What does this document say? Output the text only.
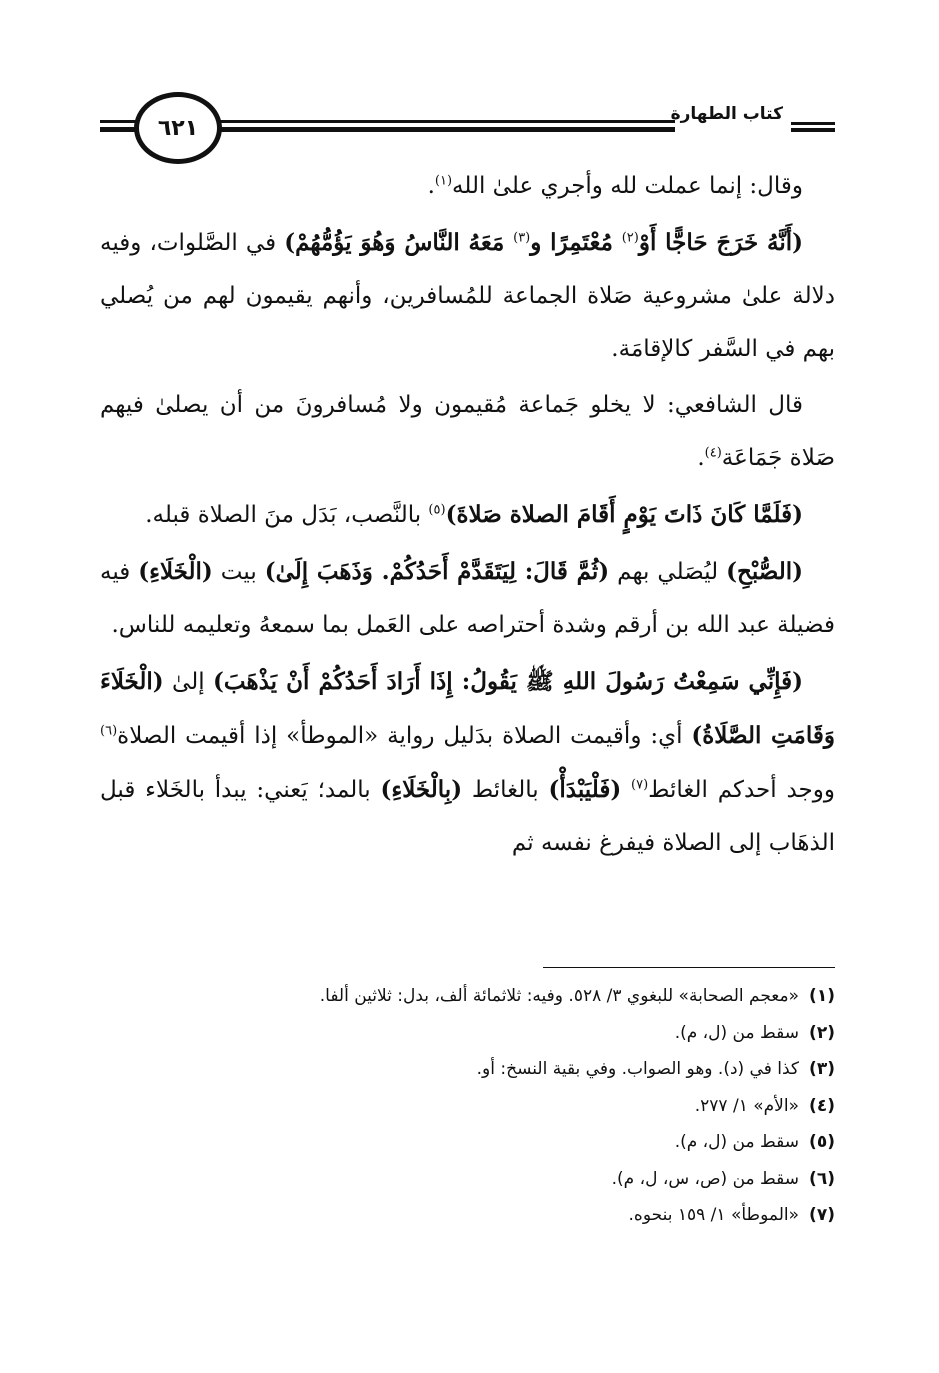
كتاب الطهارة
٦٢١

وقال: إنما عملت لله وأجري علىٰ الله$^{(١)}$.

(أَنَّهُ خَرَجَ حَاجًّا أَوْ$^{(٢)}$ مُعْتَمِرًا و$^{(٣)}$ مَعَهُ النَّاسُ وَهُوَ يَؤُمُّهُمْ) في الصَّلوات، وفيه دلالة علىٰ مشروعية صَلاة الجماعة للمُسافرين، وأنهم يقيمون لهم من يُصلي بهم في السَّفر كالإقامَة.

قال الشافعي: لا يخلو جَماعة مُقيمون ولا مُسافرونَ من أن يصلىٰ فيهم صَلاة جَمَاعَة$^{(٤)}$.

(فَلَمَّا كَانَ ذَاتَ يَوْمٍ أَقَامَ الصلاة صَلاةَ)$^{(٥)}$ بالنَّصب، بَدَل منَ الصلاة قبله.

(الصُّبْحِ) ليُصَلي بهم (ثُمَّ قَالَ: لِيَتَقَدَّمْ أَحَدُكُمْ. وَذَهَبَ إِلَىٰ) بيت (الْخَلَاءِ) فيه فضيلة عبد الله بن أرقم وشدة أحتراصه على العَمل بما سمعهُ وتعليمه للناس.

(فَإِنِّي سَمِعْتُ رَسُولَ اللهِ ﷺ يَقُولُ: إِذَا أَرَادَ أَحَدُكُمْ أَنْ يَذْهَبَ) إلىٰ (الْخَلَاءَ وَقَامَتِ الصَّلَاةُ) أي: وأقيمت الصلاة بدَليل رواية «الموطأ» إذا أقيمت الصلاة$^{(٦)}$ ووجد أحدكم الغائط$^{(٧)}$ (فَلْيَبْدَأْ) بالغائط (بِالْخَلَاءِ) بالمد؛ يَعني: يبدأ بالخَلاء قبل الذهَاب إلى الصلاة فيفرغ نفسه ثم

(١)
«معجم الصحابة» للبغوي ٣/ ٥٢٨. وفيه: ثلاثمائة ألف، بدل: ثلاثين ألفا.
(٢)
سقط من (ل، م).
(٣)
كذا في (د). وهو الصواب. وفي بقية النسخ: أو.
(٤)
«الأم» ١/ ٢٧٧.
(٥)
سقط من (ل، م).
(٦)
سقط من (ص، س، ل، م).
(٧)
«الموطأ» ١/ ١٥٩ بنحوه.
